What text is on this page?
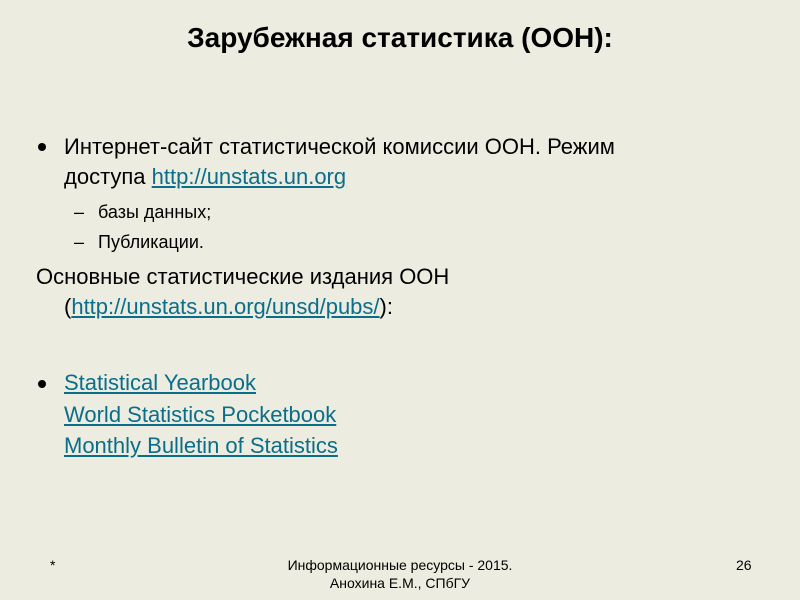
Зарубежная статистика (ООН):
Интернет-сайт статистической комиссии ООН. Режим
доступа http://unstats.un.org
– базы данных;
– Публикации.
Основные статистические издания ООН
(http://unstats.un.org/unsd/pubs/):
Statistical Yearbook
World Statistics Pocketbook
Monthly Bulletin of Statistics
*	Информационные ресурсы - 2015.
Анохина Е.М., СПбГУ
26
